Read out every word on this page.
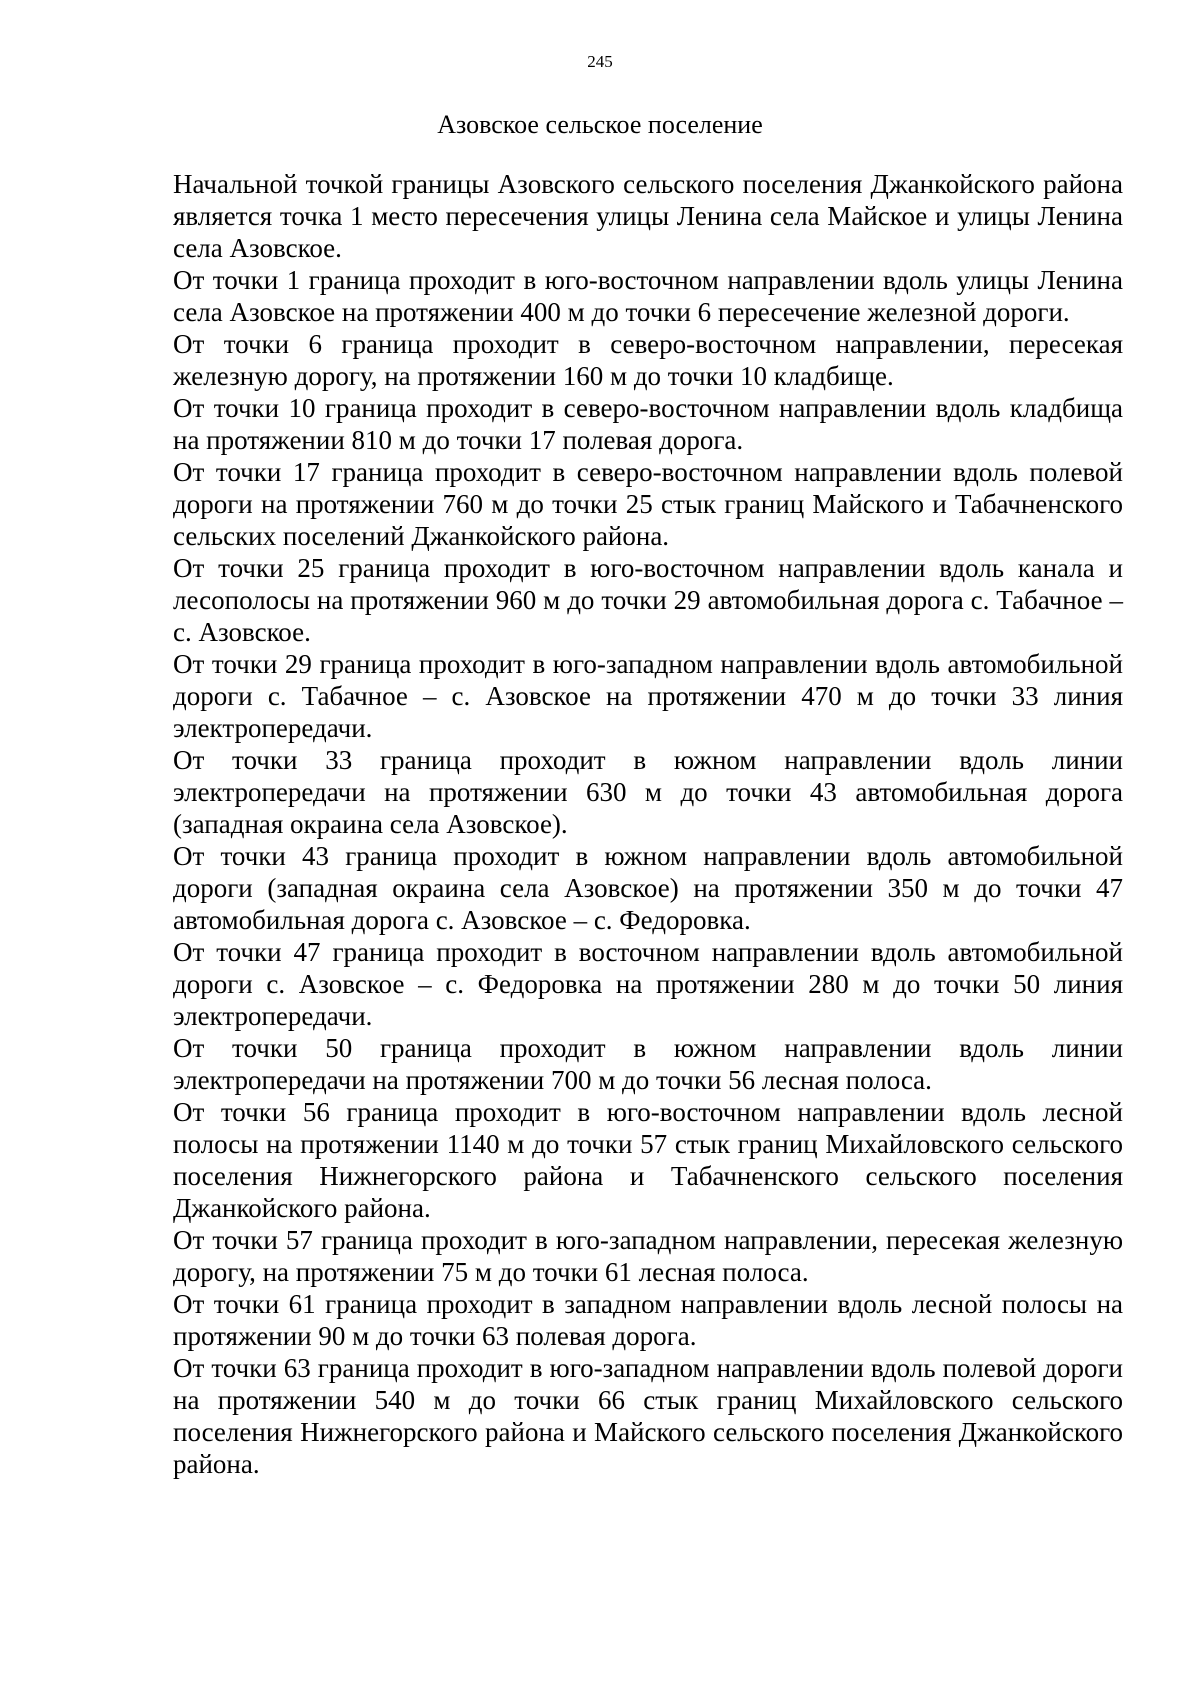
245
Азовское сельское поселение

Начальной точкой границы Азовского сельского поселения Джанкойского района является точка 1 место пересечения улицы Ленина села Майское и улицы Ленина села Азовское.

От точки 1 граница проходит в юго-восточном направлении вдоль улицы Ленина села Азовское на протяжении 400 м до точки 6 пересечение железной дороги.

От точки 6 граница проходит в северо-восточном направлении, пересекая железную дорогу, на протяжении 160 м до точки 10 кладбище.

От точки 10 граница проходит в северо-восточном направлении вдоль кладбища на протяжении 810 м до точки 17 полевая дорога.

От точки 17 граница проходит в северо-восточном направлении вдоль полевой дороги на протяжении 760 м до точки 25 стык границ Майского и Табачненского сельских поселений Джанкойского района.

От точки 25 граница проходит в юго-восточном направлении вдоль канала и лесополосы на протяжении 960 м до точки 29 автомобильная дорога с. Табачное – с. Азовское.

От точки 29 граница проходит в юго-западном направлении вдоль автомобильной дороги с. Табачное – с. Азовское на протяжении 470 м до точки 33 линия электропередачи.

От точки 33 граница проходит в южном направлении вдоль линии электропередачи на протяжении 630 м до точки 43 автомобильная дорога (западная окраина села Азовское).

От точки 43 граница проходит в южном направлении вдоль автомобильной дороги (западная окраина села Азовское) на протяжении 350 м до точки 47 автомобильная дорога с. Азовское – с. Федоровка.

От точки 47 граница проходит в восточном направлении вдоль автомобильной дороги с. Азовское – с. Федоровка на протяжении 280 м до точки 50 линия электропередачи.

От точки 50 граница проходит в южном направлении вдоль линии электропередачи на протяжении 700 м до точки 56 лесная полоса.

От точки 56 граница проходит в юго-восточном направлении вдоль лесной полосы на протяжении 1140 м до точки 57 стык границ Михайловского сельского поселения Нижнегорского района и Табачненского сельского поселения Джанкойского района.

От точки 57 граница проходит в юго-западном направлении, пересекая железную дорогу, на протяжении 75 м до точки 61 лесная полоса.

От точки 61 граница проходит в западном направлении вдоль лесной полосы на протяжении 90 м до точки 63 полевая дорога.

От точки 63 граница проходит в юго-западном направлении вдоль полевой дороги на протяжении 540 м до точки 66 стык границ Михайловского сельского поселения Нижнегорского района и Майского сельского поселения Джанкойского района.
